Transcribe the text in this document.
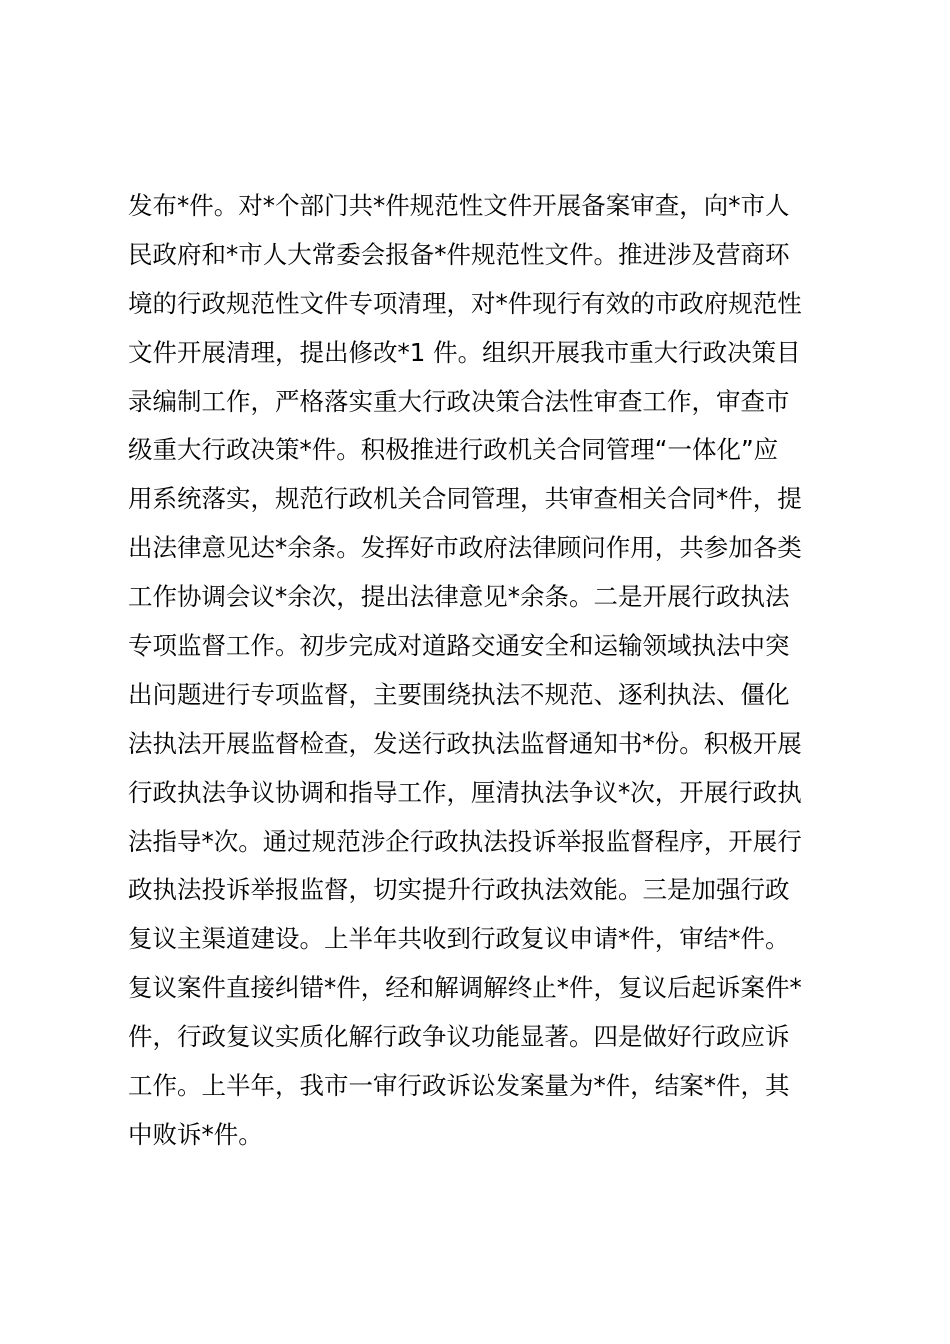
发布*件。对*个部门共*件规范性文件开展备案审查，向*市人
民政府和*市人大常委会报备*件规范性文件。推进涉及营商环
境的行政规范性文件专项清理，对*件现行有效的市政府规范性
文件开展清理，提出修改*1 件。组织开展我市重大行政决策目
录编制工作，严格落实重大行政决策合法性审查工作，审查市
级重大行政决策*件。积极推进行政机关合同管理“一体化”应
用系统落实，规范行政机关合同管理，共审查相关合同*件，提
出法律意见达*余条。发挥好市政府法律顾问作用，共参加各类
工作协调会议*余次，提出法律意见*余条。二是开展行政执法
专项监督工作。初步完成对道路交通安全和运输领域执法中突
出问题进行专项监督，主要围绕执法不规范、逐利执法、僵化
法执法开展监督检查，发送行政执法监督通知书*份。积极开展
行政执法争议协调和指导工作，厘清执法争议*次，开展行政执
法指导*次。通过规范涉企行政执法投诉举报监督程序，开展行
政执法投诉举报监督，切实提升行政执法效能。三是加强行政
复议主渠道建设。上半年共收到行政复议申请*件，审结*件。
复议案件直接纠错*件，经和解调解终止*件，复议后起诉案件*
件，行政复议实质化解行政争议功能显著。四是做好行政应诉
工作。上半年，我市一审行政诉讼发案量为*件，结案*件，其
中败诉*件。
